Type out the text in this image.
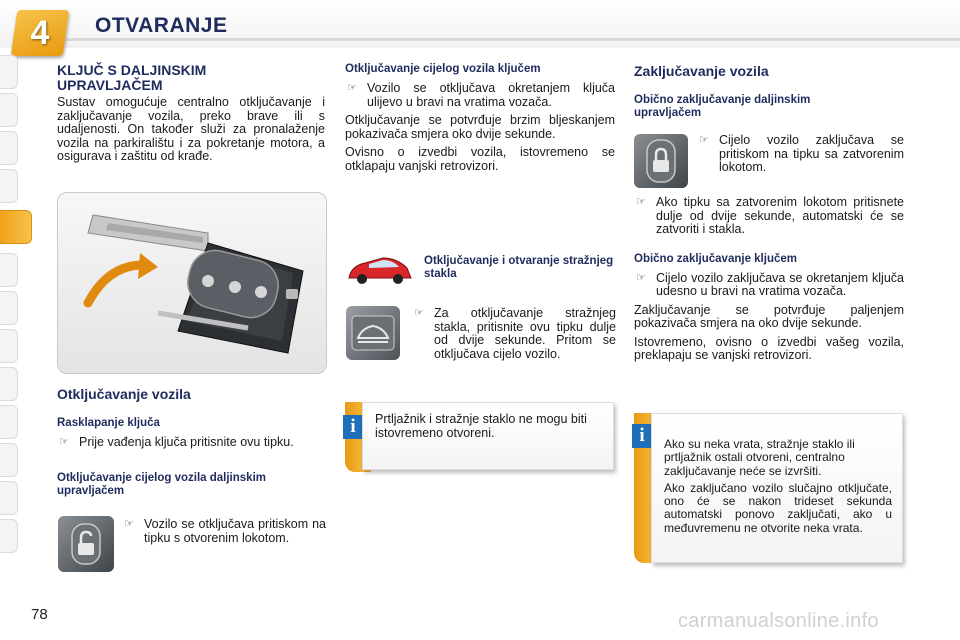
4	OTVARANJE
KLJUČ S DALJINSKIM UPRAVLJAČEM
Sustav omogućuje centralno otključavanje i zaključavanje vozila, preko brave ili s udaljenosti. On također služi za pronalaženje vozila na parkiralištu i za pokretanje motora, a osigurava i zaštitu od krađe.
Otključavanje vozila
Rasklapanje ključa
☞ Prije vađenja ključa pritisnite ovu tipku.
Otključavanje cijelog vozila daljinskim upravljačem
☞ Vozilo se otključava pritiskom na tipku s otvorenim lokotom.
Otključavanje cijelog vozila ključem
☞ Vozilo se otključava okretanjem ključa ulijevo u bravi na vratima vozača.
Otključavanje se potvrđuje brzim bljeskanjem pokazivača smjera oko dvije sekunde.
Ovisno o izvedbi vozila, istovremeno se otklapaju vanjski retrovizori.
Otključavanje i otvaranje stražnjeg stakla
☞ Za otključavanje stražnjeg stakla, pritisnite ovu tipku dulje od dvije sekunde. Pritom se otključava cijelo vozilo.
i	Prtljažnik i stražnje staklo ne mogu biti istovremeno otvoreni.
Zaključavanje vozila
Obično zaključavanje daljinskim upravljačem
☞ Cijelo vozilo zaključava se pritiskom na tipku sa zatvorenim lokotom.
☞ Ako tipku sa zatvorenim lokotom pritisnete dulje od dvije sekunde, automatski će se zatvoriti i stakla.
Obično zaključavanje ključem
☞ Cijelo vozilo zaključava se okretanjem ključa udesno u bravi na vratima vozača.
Zaključavanje se potvrđuje paljenjem pokazivača smjera na oko dvije sekunde.
Istovremeno, ovisno o izvedbi vašeg vozila, preklapaju se vanjski retrovizori.
i	Ako su neka vrata, stražnje staklo ili prtljažnik ostali otvoreni, centralno zaključavanje neće se izvršiti.
Ako zaključano vozilo slučajno otključate, ono će se nakon trideset sekunda automatski ponovo zaključati, ako u međuvremenu ne otvorite neka vrata.
78	carmanualsonline.info
